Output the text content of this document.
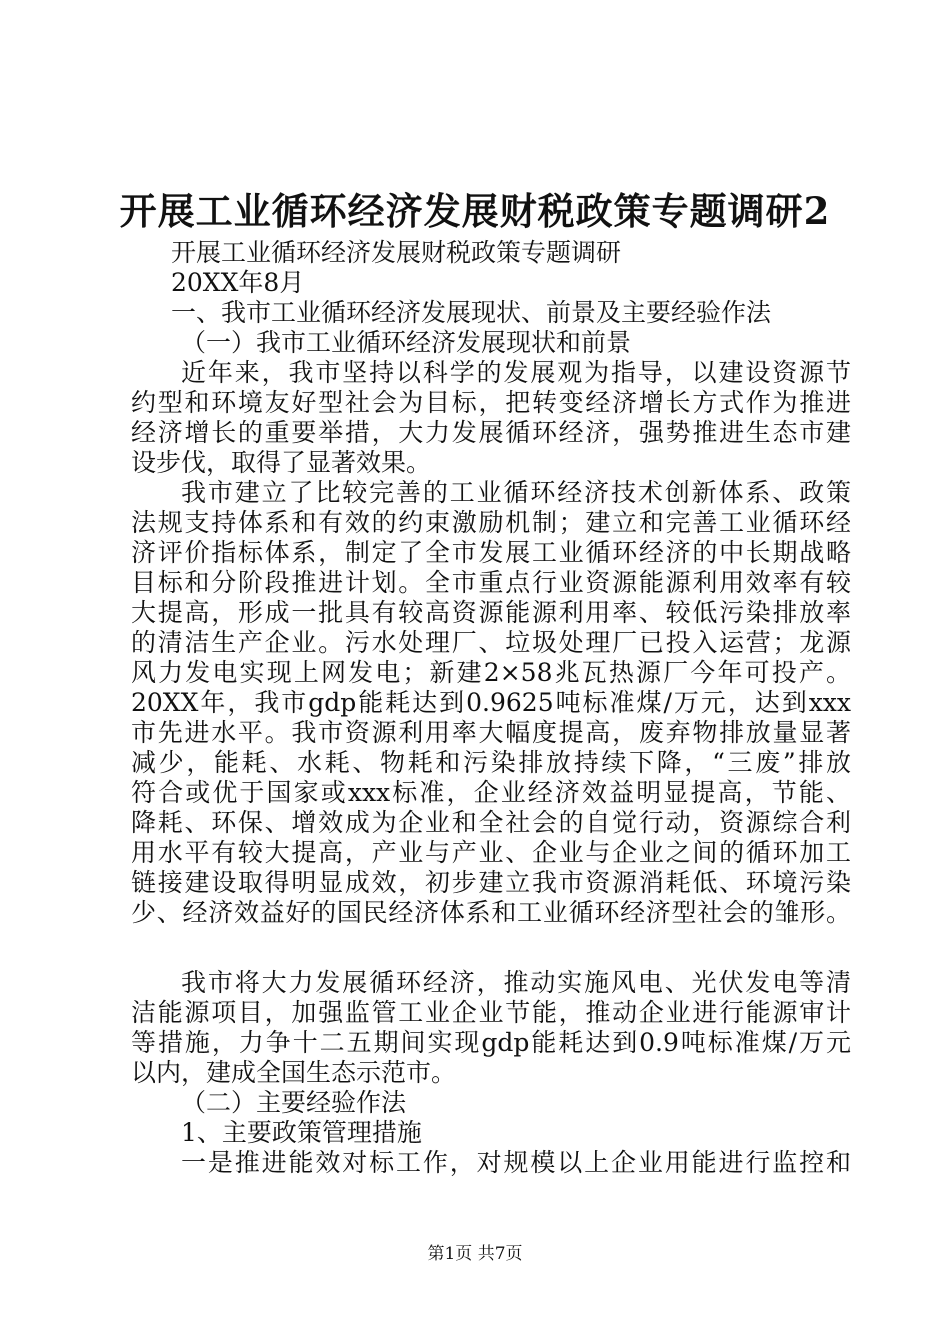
开展工业循环经济发展财税政策专题调研2
开展工业循环经济发展财税政策专题调研
20XX年8月
一、我市工业循环经济发展现状、前景及主要经验作法
（一）我市工业循环经济发展现状和前景
近年来，我市坚持以科学的发展观为指导，以建设资源节
约型和环境友好型社会为目标，把转变经济增长方式作为推进
经济增长的重要举措，大力发展循环经济，强势推进生态市建
设步伐，取得了显著效果。
我市建立了比较完善的工业循环经济技术创新体系、政策
法规支持体系和有效的约束激励机制；建立和完善工业循环经
济评价指标体系，制定了全市发展工业循环经济的中长期战略
目标和分阶段推进计划。全市重点行业资源能源利用效率有较
大提高，形成一批具有较高资源能源利用率、较低污染排放率
的清洁生产企业。污水处理厂、垃圾处理厂已投入运营；龙源
风力发电实现上网发电；新建2×58兆瓦热源厂今年可投产。
20XX年，我市gdp能耗达到0.9625吨标准煤/万元，达到xxx
市先进水平。我市资源利用率大幅度提高，废弃物排放量显著
减少，能耗、水耗、物耗和污染排放持续下降，“三废”排放
符合或优于国家或xxx标准，企业经济效益明显提高，节能、
降耗、环保、增效成为企业和全社会的自觉行动，资源综合利
用水平有较大提高，产业与产业、企业与企业之间的循环加工
链接建设取得明显成效，初步建立我市资源消耗低、环境污染
少、经济效益好的国民经济体系和工业循环经济型社会的雏形。
我市将大力发展循环经济，推动实施风电、光伏发电等清
洁能源项目，加强监管工业企业节能，推动企业进行能源审计
等措施，力争十二五期间实现gdp能耗达到0.9吨标准煤/万元
以内，建成全国生态示范市。
（二）主要经验作法
1、主要政策管理措施
一是推进能效对标工作，对规模以上企业用能进行监控和
第1页 共7页
